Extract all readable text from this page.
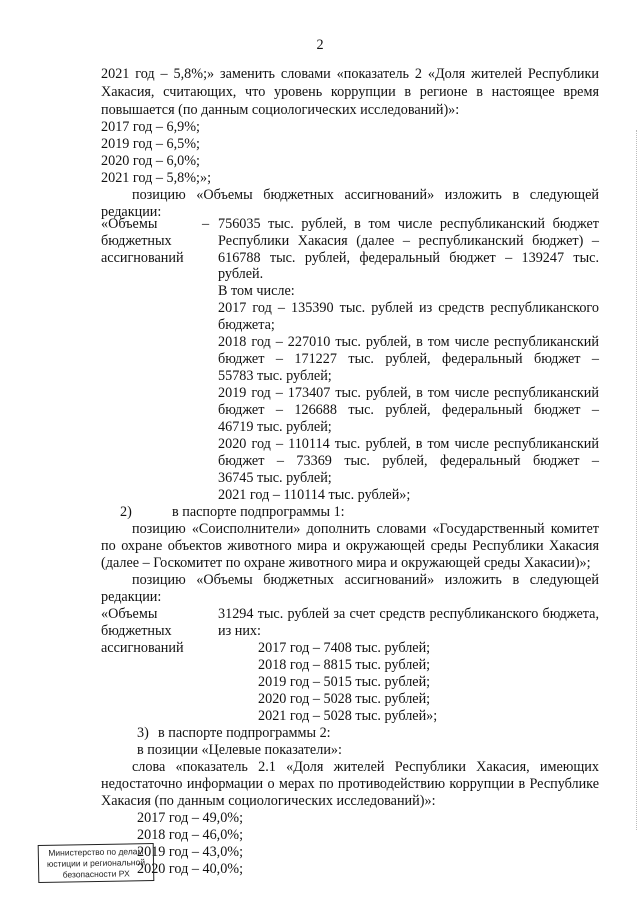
2
2021 год – 5,8%;» заменить словами «показатель 2 «Доля жителей Республики
Хакасия, считающих, что уровень коррупции в регионе в настоящее время
повышается (по данным социологических исследований)»:
2017 год – 6,9%;
2019 год – 6,5%;
2020 год – 6,0%;
2021 год – 5,8%;»;
позицию «Объемы бюджетных ассигнований» изложить в следующей
редакции:
«Объемы
бюджетных
ассигнований
– 756035 тыс. рублей, в том числе республиканский бюджет
Республики Хакасия (далее – республиканский бюджет) –
616788 тыс. рублей, федеральный бюджет – 139247 тыс.
рублей.
В том числе:
2017 год – 135390 тыс. рублей из средств республиканского
бюджета;
2018 год – 227010 тыс. рублей, в том числе республиканский
бюджет – 171227 тыс. рублей, федеральный бюджет –
55783 тыс. рублей;
2019 год – 173407 тыс. рублей, в том числе республиканский
бюджет – 126688 тыс. рублей, федеральный бюджет –
46719 тыс. рублей;
2020 год – 110114 тыс. рублей, в том числе республиканский
бюджет – 73369 тыс. рублей, федеральный бюджет –
36745 тыс. рублей;
2021 год – 110114 тыс. рублей»;
2)	в паспорте подпрограммы 1:
позицию «Соисполнители» дополнить словами «Государственный комитет
по охране объектов животного мира и окружающей среды Республики Хакасия
(далее – Госкомитет по охране животного мира и окружающей среды Хакасии)»;
позицию «Объемы бюджетных ассигнований» изложить в следующей
редакции:
«Объемы
бюджетных
ассигнований
31294 тыс. рублей за счет средств республиканского бюджета,
из них:
2017 год – 7408 тыс. рублей;
2018 год – 8815 тыс. рублей;
2019 год – 5015 тыс. рублей;
2020 год – 5028 тыс. рублей;
2021 год – 5028 тыс. рублей»;
3) в паспорте подпрограммы 2:
в позиции «Целевые показатели»:
слова «показатель 2.1 «Доля жителей Республики Хакасия, имеющих
недостаточно информации о мерах по противодействию коррупции в Республике
Хакасия (по данным социологических исследований)»:
2017 год – 49,0%;
2018 год – 46,0%;
2019 год – 43,0%;
2020 год – 40,0%;
Министерство по делам
юстиции и региональной
безопасности РХ
